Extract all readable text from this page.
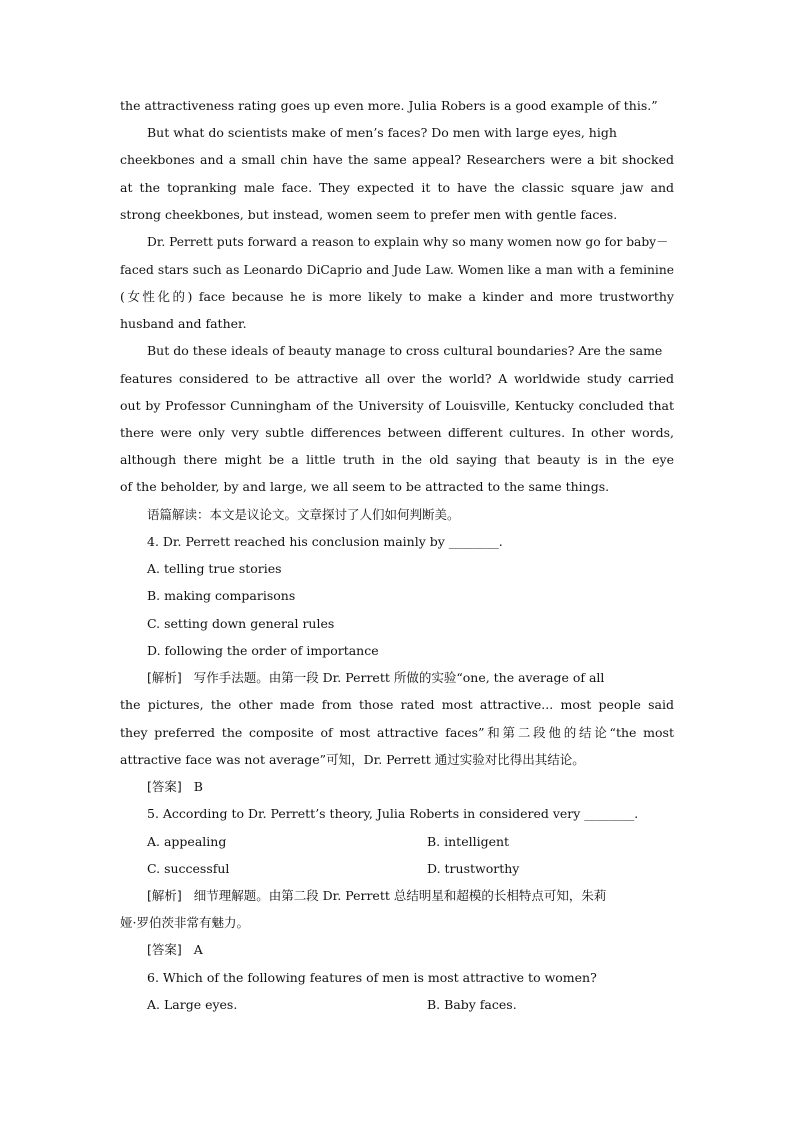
the attractiveness rating goes up even more. Julia Robers is a good example of this.”
But what do scientists make of men’s faces? Do men with large eyes, high
cheekbones and a small chin have the same appeal? Researchers were a bit shocked
at the topranking male face. They expected it to have the classic square jaw and
strong cheekbones, but instead, women seem to prefer men with gentle faces.
Dr. Perrett puts forward a reason to explain why so many women now go for baby－
faced stars such as Leonardo DiCaprio and Jude Law. Women like a man with a feminine
(女性化的) face because he is more likely to make a kinder and more trustworthy
husband and father.
But do these ideals of beauty manage to cross cultural boundaries? Are the same
features considered to be attractive all over the world? A worldwide study carried
out by Professor Cunningham of the University of Louisville, Kentucky concluded that
there were only very subtle differences between different cultures. In other words,
although there might be a little truth in the old saying that beauty is in the eye
of the beholder, by and large, we all seem to be attracted to the same things.
语篇解读：本文是议论文。文章探讨了人们如何判断美。
4. Dr. Perrett reached his conclusion mainly by ________.
A. telling true stories
B. making comparisons
C. setting down general rules
D. following the order of importance
[解析] 写作手法题。由第一段 Dr. Perrett 所做的实验“one, the average of all
the pictures, the other made from those rated most attractive... most people said
they preferred the composite of most attractive faces”和第二段他的结论“the most
attractive face was not average”可知，Dr. Perrett 通过实验对比得出其结论。
[答案] B
5. According to Dr. Perrett’s theory, Julia Roberts in considered very ________.
A. appealing	B. intelligent
C. successful	D. trustworthy
[解析] 细节理解题。由第二段 Dr. Perrett 总结明星和超模的长相特点可知，朱莉
娅·罗伯茨非常有魅力。
[答案] A
6. Which of the following features of men is most attractive to women?
A. Large eyes.	B. Baby faces.
